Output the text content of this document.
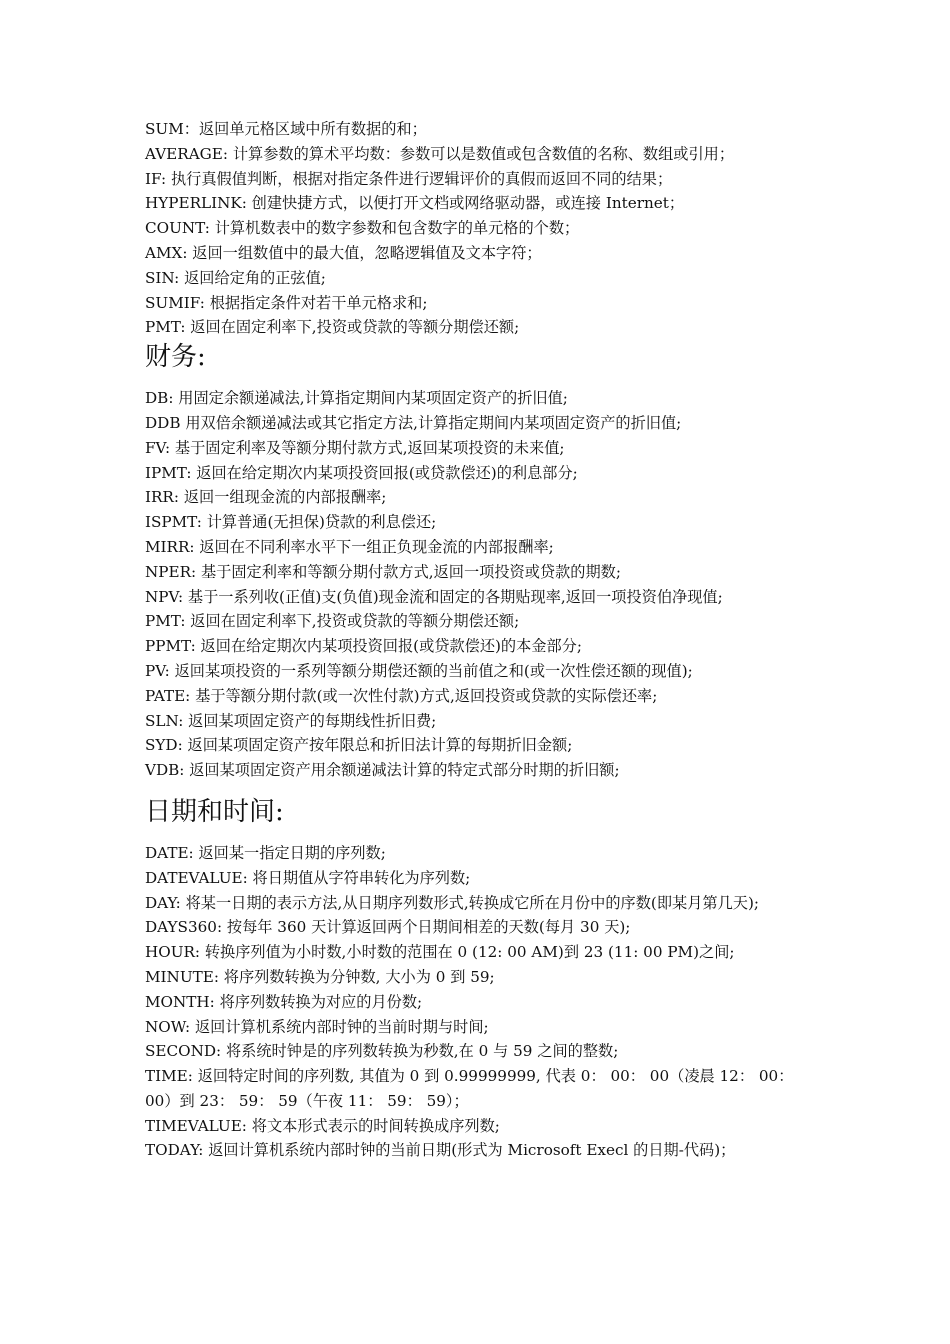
SUM：返回单元格区域中所有数据的和；
AVERAGE: 计算参数的算术平均数：参数可以是数值或包含数值的名称、数组或引用；
IF: 执行真假值判断，根据对指定条件进行逻辑评价的真假而返回不同的结果；
HYPERLINK: 创建快捷方式，以便打开文档或网络驱动器，或连接 Internet；
COUNT: 计算机数表中的数字参数和包含数字的单元格的个数；
AMX: 返回一组数值中的最大值，忽略逻辑值及文本字符；
SIN: 返回给定角的正弦值;
SUMIF: 根据指定条件对若干单元格求和;
PMT: 返回在固定利率下,投资或贷款的等额分期偿还额;
财务:
DB: 用固定余额递减法,计算指定期间内某项固定资产的折旧值;
DDB 用双倍余额递减法或其它指定方法,计算指定期间内某项固定资产的折旧值;
FV: 基于固定利率及等额分期付款方式,返回某项投资的未来值;
IPMT: 返回在给定期次内某项投资回报(或贷款偿还)的利息部分;
IRR: 返回一组现金流的内部报酬率;
ISPMT: 计算普通(无担保)贷款的利息偿还;
MIRR: 返回在不同利率水平下一组正负现金流的内部报酬率;
NPER: 基于固定利率和等额分期付款方式,返回一项投资或贷款的期数;
NPV: 基于一系列收(正值)支(负值)现金流和固定的各期贴现率,返回一项投资伯净现值;
PMT: 返回在固定利率下,投资或贷款的等额分期偿还额;
PPMT: 返回在给定期次内某项投资回报(或贷款偿还)的本金部分;
PV: 返回某项投资的一系列等额分期偿还额的当前值之和(或一次性偿还额的现值);
PATE: 基于等额分期付款(或一次性付款)方式,返回投资或贷款的实际偿还率;
SLN: 返回某项固定资产的每期线性折旧费;
SYD: 返回某项固定资产按年限总和折旧法计算的每期折旧金额;
VDB: 返回某项固定资产用余额递减法计算的特定式部分时期的折旧额;
日期和时间:
DATE: 返回某一指定日期的序列数;
DATEVALUE: 将日期值从字符串转化为序列数;
DAY: 将某一日期的表示方法,从日期序列数形式,转换成它所在月份中的序数(即某月第几天);
DAYS360: 按每年 360 天计算返回两个日期间相差的天数(每月 30 天);
HOUR: 转换序列值为小时数,小时数的范围在 0 (12: 00 AM)到 23 (11: 00 PM)之间;
MINUTE: 将序列数转换为分钟数, 大小为 0 到 59;
MONTH: 将序列数转换为对应的月份数;
NOW: 返回计算机系统内部时钟的当前时期与时间;
SECOND: 将系统时钟是的序列数转换为秒数,在 0 与 59 之间的整数;
TIME: 返回特定时间的序列数, 其值为 0 到 0.99999999, 代表 0： 00： 00（凌晨 12： 00：00）到 23： 59： 59（午夜 11： 59： 59）；
TIMEVALUE: 将文本形式表示的时间转换成序列数;
TODAY: 返回计算机系统内部时钟的当前日期(形式为 Microsoft Execl 的日期-代码)；
